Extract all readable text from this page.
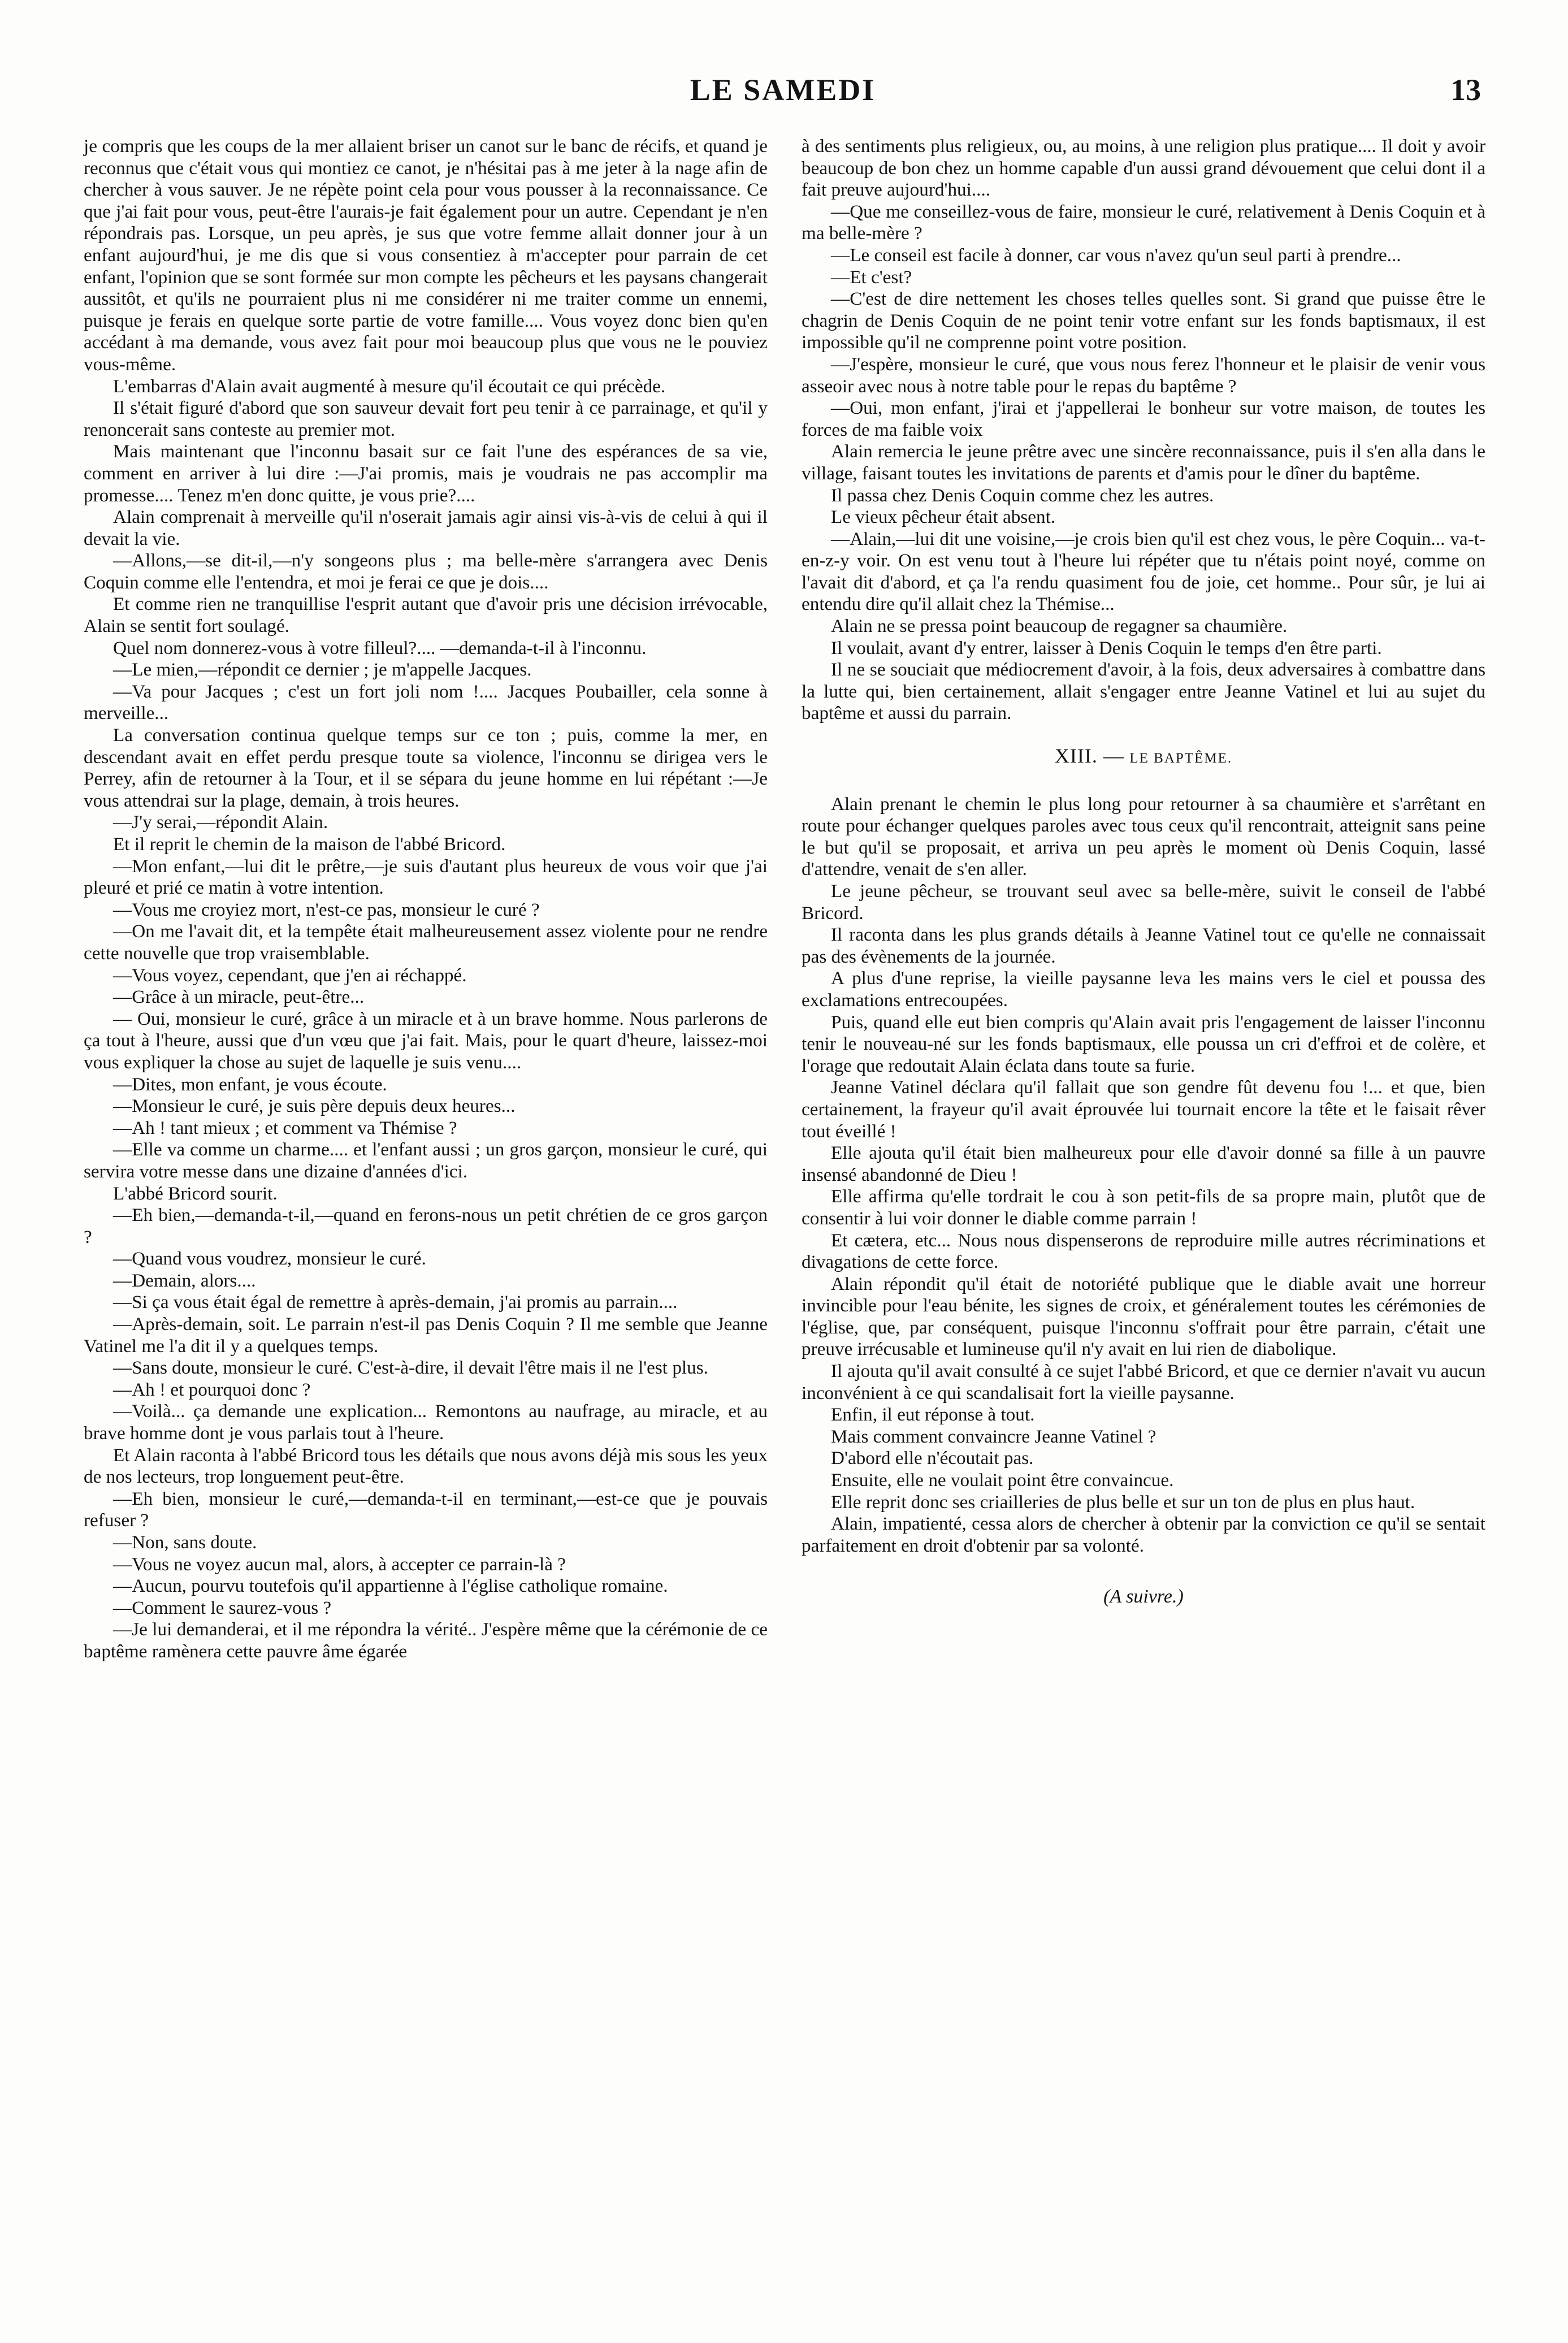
LE SAMEDI	13

je compris que les coups de la mer allaient briser un canot sur le banc de récifs, et quand je reconnus que c'était vous qui montiez ce canot, je n'hésitai pas à me jeter à la nage afin de chercher à vous sauver. Je ne répète point cela pour vous pousser à la reconnaissance. Ce que j'ai fait pour vous, peut-être l'aurais-je fait également pour un autre. Cependant je n'en répondrais pas. Lorsque, un peu après, je sus que votre femme allait donner jour à un enfant aujourd'hui, je me dis que si vous consentiez à m'accepter pour parrain de cet enfant, l'opinion que se sont formée sur mon compte les pêcheurs et les paysans changerait aussitôt, et qu'ils ne pourraient plus ni me considérer ni me traiter comme un ennemi, puisque je ferais en quelque sorte partie de votre famille.... Vous voyez donc bien qu'en accédant à ma demande, vous avez fait pour moi beaucoup plus que vous ne le pouviez vous-même.

L'embarras d'Alain avait augmenté à mesure qu'il écoutait ce qui précède.

Il s'était figuré d'abord que son sauveur devait fort peu tenir à ce parrainage, et qu'il y renoncerait sans conteste au premier mot.

Mais maintenant que l'inconnu basait sur ce fait l'une des espérances de sa vie, comment en arriver à lui dire :—J'ai promis, mais je voudrais ne pas accomplir ma promesse.... Tenez m'en donc quitte, je vous prie?....

Alain comprenait à merveille qu'il n'oserait jamais agir ainsi vis-à-vis de celui à qui il devait la vie.

—Allons,—se dit-il,—n'y songeons plus ; ma belle-mère s'arrangera avec Denis Coquin comme elle l'entendra, et moi je ferai ce que je dois....

Et comme rien ne tranquillise l'esprit autant que d'avoir pris une décision irrévocable, Alain se sentit fort soulagé.

Quel nom donnerez-vous à votre filleul?.... —demanda-t-il à l'inconnu.

—Le mien,—répondit ce dernier ; je m'appelle Jacques.

—Va pour Jacques ; c'est un fort joli nom !.... Jacques Poubailler, cela sonne à merveille...

La conversation continua quelque temps sur ce ton ; puis, comme la mer, en descendant avait en effet perdu presque toute sa violence, l'inconnu se dirigea vers le Perrey, afin de retourner à la Tour, et il se sépara du jeune homme en lui répétant :—Je vous attendrai sur la plage, demain, à trois heures.

—J'y serai,—répondit Alain.

Et il reprit le chemin de la maison de l'abbé Bricord.

—Mon enfant,—lui dit le prêtre,—je suis d'autant plus heureux de vous voir que j'ai pleuré et prié ce matin à votre intention.

—Vous me croyiez mort, n'est-ce pas, monsieur le curé ?

—On me l'avait dit, et la tempête était malheureusement assez violente pour ne rendre cette nouvelle que trop vraisemblable.

—Vous voyez, cependant, que j'en ai réchappé.

—Grâce à un miracle, peut-être...

— Oui, monsieur le curé, grâce à un miracle et à un brave homme. Nous parlerons de ça tout à l'heure, aussi que d'un vœu que j'ai fait. Mais, pour le quart d'heure, laissez-moi vous expliquer la chose au sujet de laquelle je suis venu....

—Dites, mon enfant, je vous écoute.

—Monsieur le curé, je suis père depuis deux heures...

—Ah ! tant mieux ; et comment va Thémise ?

—Elle va comme un charme.... et l'enfant aussi ; un gros garçon, monsieur le curé, qui servira votre messe dans une dizaine d'années d'ici.

L'abbé Bricord sourit.

—Eh bien,—demanda-t-il,—quand en ferons-nous un petit chrétien de ce gros garçon ?

—Quand vous voudrez, monsieur le curé.

—Demain, alors....

—Si ça vous était égal de remettre à après-demain, j'ai promis au parrain....

—Après-demain, soit. Le parrain n'est-il pas Denis Coquin ? Il me semble que Jeanne Vatinel me l'a dit il y a quelques temps.

—Sans doute, monsieur le curé. C'est-à-dire, il devait l'être mais il ne l'est plus.

—Ah ! et pourquoi donc ?

—Voilà... ça demande une explication... Remontons au naufrage, au miracle, et au brave homme dont je vous parlais tout à l'heure.

Et Alain raconta à l'abbé Bricord tous les détails que nous avons déjà mis sous les yeux de nos lecteurs, trop longuement peut-être.

—Eh bien, monsieur le curé,—demanda-t-il en terminant,—est-ce que je pouvais refuser ?

—Non, sans doute.

—Vous ne voyez aucun mal, alors, à accepter ce parrain-là ?

—Aucun, pourvu toutefois qu'il appartienne à l'église catholique romaine.

—Comment le saurez-vous ?

—Je lui demanderai, et il me répondra la vérité.. J'espère même que la cérémonie de ce baptême ramènera cette pauvre âme égarée

à des sentiments plus religieux, ou, au moins, à une religion plus pratique.... Il doit y avoir beaucoup de bon chez un homme capable d'un aussi grand dévouement que celui dont il a fait preuve aujourd'hui....

—Que me conseillez-vous de faire, monsieur le curé, relativement à Denis Coquin et à ma belle-mère ?

—Le conseil est facile à donner, car vous n'avez qu'un seul parti à prendre...

—Et c'est?

—C'est de dire nettement les choses telles quelles sont. Si grand que puisse être le chagrin de Denis Coquin de ne point tenir votre enfant sur les fonds baptismaux, il est impossible qu'il ne comprenne point votre position.

—J'espère, monsieur le curé, que vous nous ferez l'honneur et le plaisir de venir vous asseoir avec nous à notre table pour le repas du baptême ?

—Oui, mon enfant, j'irai et j'appellerai le bonheur sur votre maison, de toutes les forces de ma faible voix

Alain remercia le jeune prêtre avec une sincère reconnaissance, puis il s'en alla dans le village, faisant toutes les invitations de parents et d'amis pour le dîner du baptême.

Il passa chez Denis Coquin comme chez les autres.

Le vieux pêcheur était absent.

—Alain,—lui dit une voisine,—je crois bien qu'il est chez vous, le père Coquin... va-t-en-z-y voir. On est venu tout à l'heure lui répéter que tu n'étais point noyé, comme on l'avait dit d'abord, et ça l'a rendu quasiment fou de joie, cet homme.. Pour sûr, je lui ai entendu dire qu'il allait chez la Thémise...

Alain ne se pressa point beaucoup de regagner sa chaumière.

Il voulait, avant d'y entrer, laisser à Denis Coquin le temps d'en être parti.

Il ne se souciait que médiocrement d'avoir, à la fois, deux adversaires à combattre dans la lutte qui, bien certainement, allait s'engager entre Jeanne Vatinel et lui au sujet du baptême et aussi du parrain.

XIII. — LE BAPTÊME.

Alain prenant le chemin le plus long pour retourner à sa chaumière et s'arrêtant en route pour échanger quelques paroles avec tous ceux qu'il rencontrait, atteignit sans peine le but qu'il se proposait, et arriva un peu après le moment où Denis Coquin, lassé d'attendre, venait de s'en aller.

Le jeune pêcheur, se trouvant seul avec sa belle-mère, suivit le conseil de l'abbé Bricord.

Il raconta dans les plus grands détails à Jeanne Vatinel tout ce qu'elle ne connaissait pas des évènements de la journée.

A plus d'une reprise, la vieille paysanne leva les mains vers le ciel et poussa des exclamations entrecoupées.

Puis, quand elle eut bien compris qu'Alain avait pris l'engagement de laisser l'inconnu tenir le nouveau-né sur les fonds baptismaux, elle poussa un cri d'effroi et de colère, et l'orage que redoutait Alain éclata dans toute sa furie.

Jeanne Vatinel déclara qu'il fallait que son gendre fût devenu fou !... et que, bien certainement, la frayeur qu'il avait éprouvée lui tournait encore la tête et le faisait rêver tout éveillé !

Elle ajouta qu'il était bien malheureux pour elle d'avoir donné sa fille à un pauvre insensé abandonné de Dieu !

Elle affirma qu'elle tordrait le cou à son petit-fils de sa propre main, plutôt que de consentir à lui voir donner le diable comme parrain !

Et cætera, etc... Nous nous dispenserons de reproduire mille autres récriminations et divagations de cette force.

Alain répondit qu'il était de notoriété publique que le diable avait une horreur invincible pour l'eau bénite, les signes de croix, et généralement toutes les cérémonies de l'église, que, par conséquent, puisque l'inconnu s'offrait pour être parrain, c'était une preuve irrécusable et lumineuse qu'il n'y avait en lui rien de diabolique.

Il ajouta qu'il avait consulté à ce sujet l'abbé Bricord, et que ce dernier n'avait vu aucun inconvénient à ce qui scandalisait fort la vieille paysanne.

Enfin, il eut réponse à tout.

Mais comment convaincre Jeanne Vatinel ?

D'abord elle n'écoutait pas.

Ensuite, elle ne voulait point être convaincue.

Elle reprit donc ses criailleries de plus belle et sur un ton de plus en plus haut.

Alain, impatienté, cessa alors de chercher à obtenir par la conviction ce qu'il se sentait parfaitement en droit d'obtenir par sa volonté.

(A suivre.)
